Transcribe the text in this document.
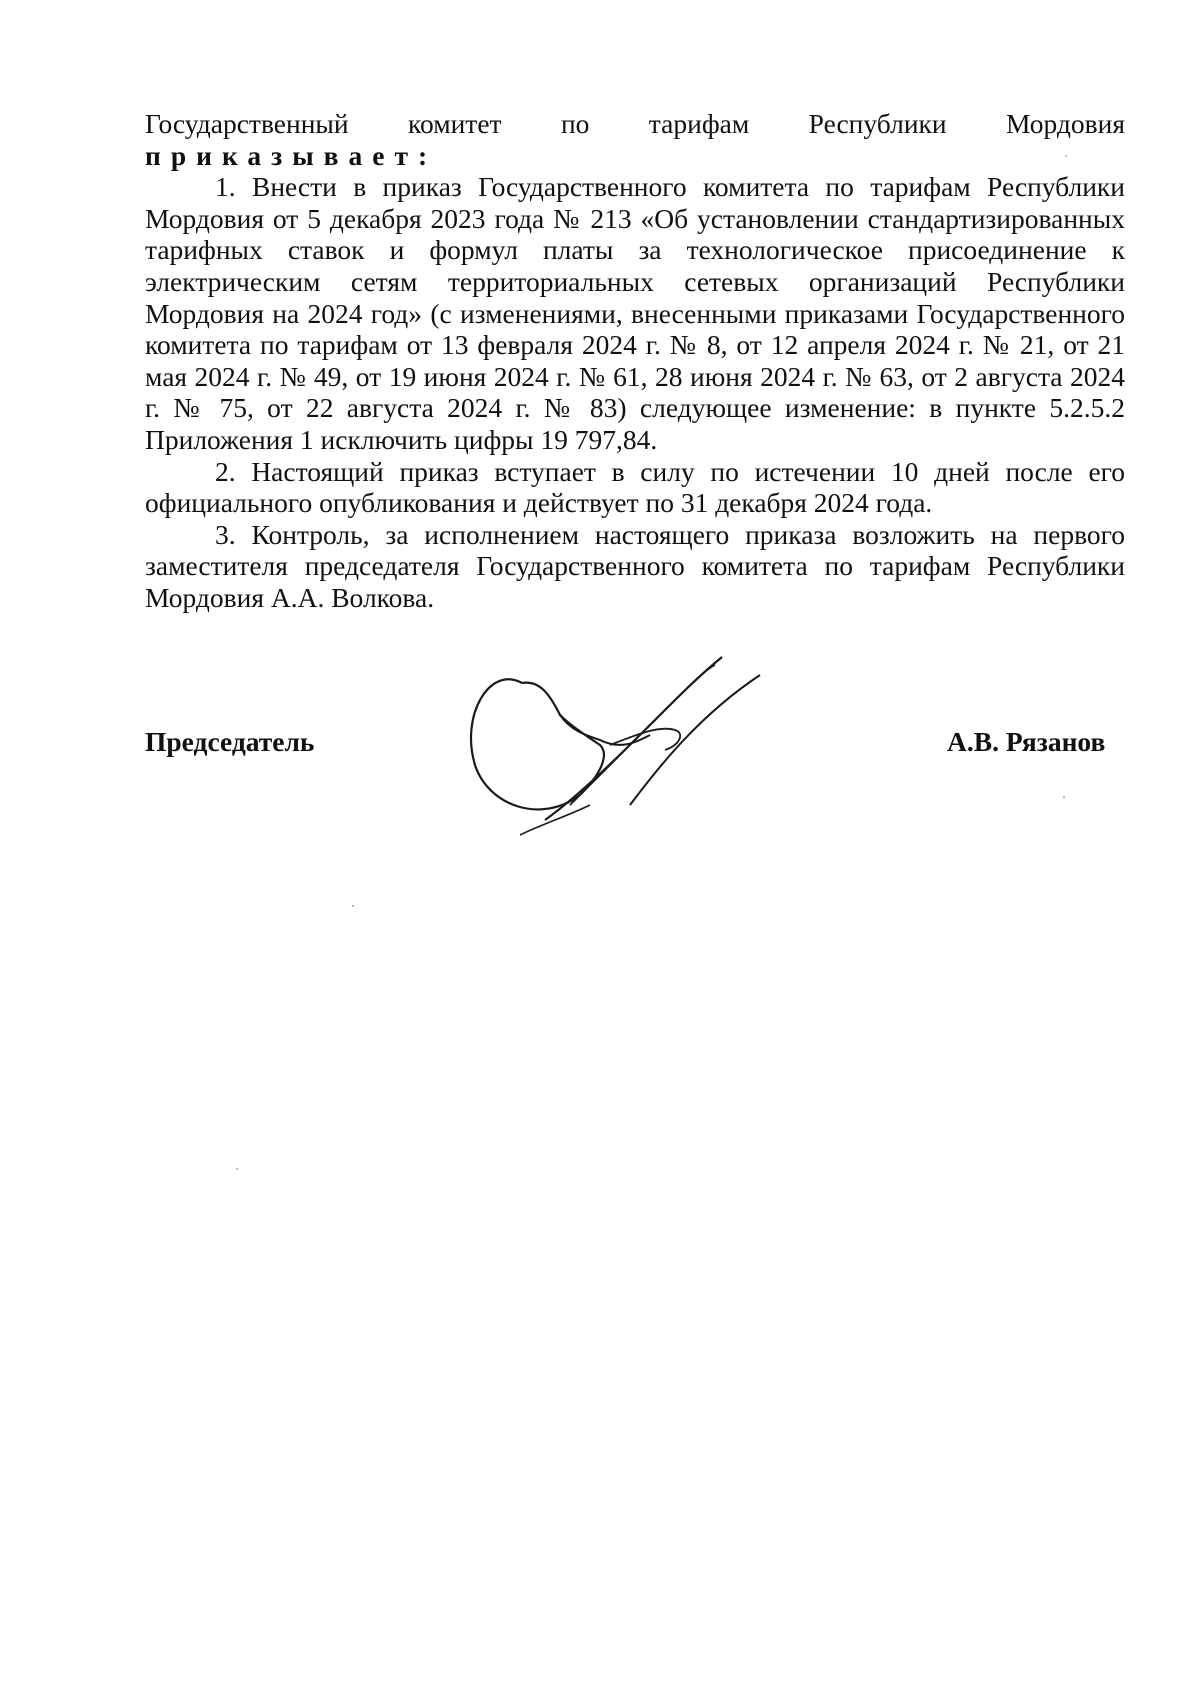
Государственный комитет по тарифам Республики Мордовия

приказывает:

1. Внести в приказ Государственного комитета по тарифам Республики Мордовия от 5 декабря 2023 года № 213 «Об установлении стандартизированных тарифных ставок и формул платы за технологическое присоединение к электрическим сетям территориальных сетевых организаций Республики Мордовия на 2024 год» (с изменениями, внесенными приказами Государственного комитета по тарифам от 13 февраля 2024 г. № 8, от 12 апреля 2024 г. № 21, от 21 мая 2024 г. № 49, от 19 июня 2024 г. № 61, 28 июня 2024 г. № 63, от 2 августа 2024 г. № 75, от 22 августа 2024 г. № 83) следующее изменение: в пункте 5.2.5.2 Приложения 1 исключить цифры 19 797,84.

2. Настоящий приказ вступает в силу по истечении 10 дней после его официального опубликования и действует по 31 декабря 2024 года.

3. Контроль, за исполнением настоящего приказа возложить на первого заместителя председателя Государственного комитета по тарифам Республики Мордовия А.А. Волкова.

Председатель	А.В. Рязанов
